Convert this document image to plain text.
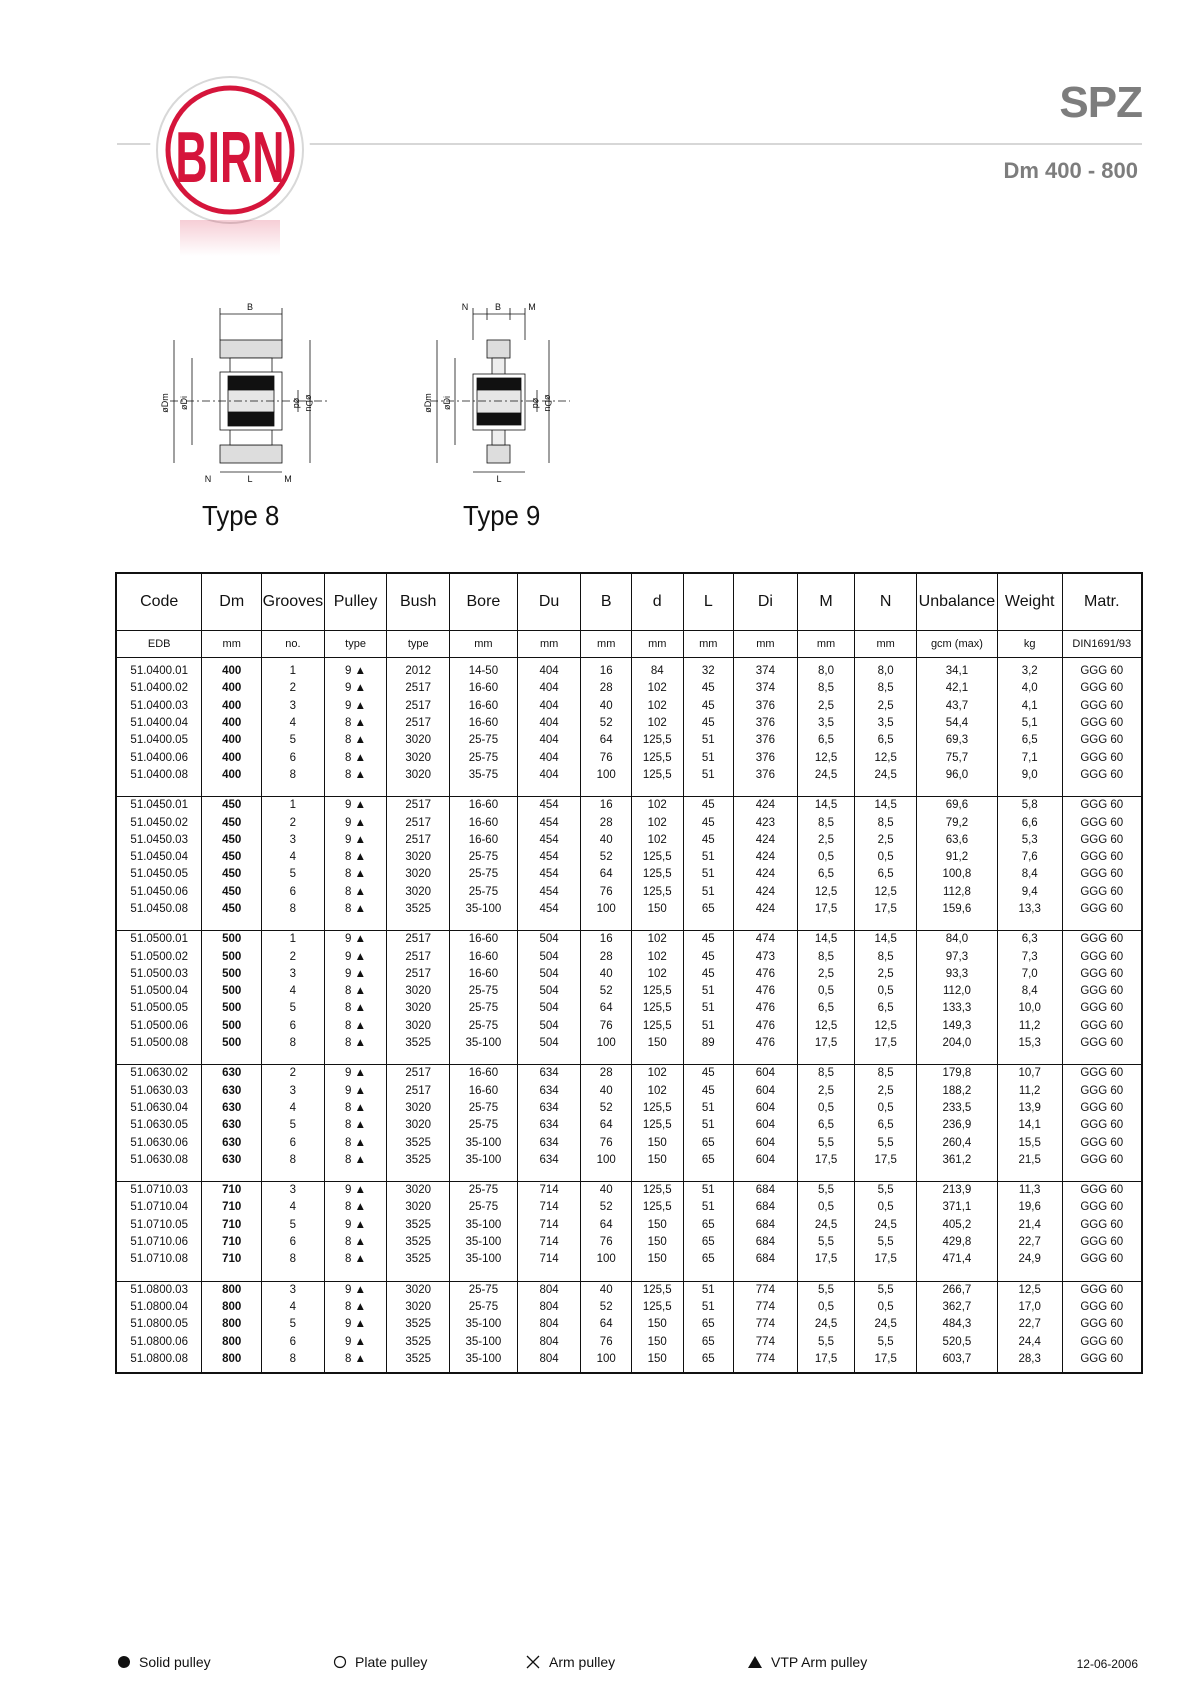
BIRN
SPZ
Dm 400 - 800
B
øDm øDi	ød øDu
N	L	M
Type 8
N	B	M
øDm øDi	ød øDu
L
Type 9
Code	Dm	Grooves	Pulley	Bush	Bore	Du	B	d	L	Di	M	N	Unbalance	Weight	Matr.
EDB	mm	no.	type	type	mm	mm	mm	mm	mm	mm	mm	mm	gcm (max)	kg	DIN1691/93
51.0400.01	400	1	9 ▲	2012	14-50	404	16	84	32	374	8,0	8,0	34,1	3,2	GGG 60
51.0400.02	400	2	9 ▲	2517	16-60	404	28	102	45	374	8,5	8,5	42,1	4,0	GGG 60
51.0400.03	400	3	9 ▲	2517	16-60	404	40	102	45	376	2,5	2,5	43,7	4,1	GGG 60
51.0400.04	400	4	8 ▲	2517	16-60	404	52	102	45	376	3,5	3,5	54,4	5,1	GGG 60
51.0400.05	400	5	8 ▲	3020	25-75	404	64	125,5	51	376	6,5	6,5	69,3	6,5	GGG 60
51.0400.06	400	6	8 ▲	3020	25-75	404	76	125,5	51	376	12,5	12,5	75,7	7,1	GGG 60
51.0400.08	400	8	8 ▲	3020	35-75	404	100	125,5	51	376	24,5	24,5	96,0	9,0	GGG 60

51.0450.01	450	1	9 ▲	2517	16-60	454	16	102	45	424	14,5	14,5	69,6	5,8	GGG 60
51.0450.02	450	2	9 ▲	2517	16-60	454	28	102	45	423	8,5	8,5	79,2	6,6	GGG 60
51.0450.03	450	3	9 ▲	2517	16-60	454	40	102	45	424	2,5	2,5	63,6	5,3	GGG 60
51.0450.04	450	4	8 ▲	3020	25-75	454	52	125,5	51	424	0,5	0,5	91,2	7,6	GGG 60
51.0450.05	450	5	8 ▲	3020	25-75	454	64	125,5	51	424	6,5	6,5	100,8	8,4	GGG 60
51.0450.06	450	6	8 ▲	3020	25-75	454	76	125,5	51	424	12,5	12,5	112,8	9,4	GGG 60
51.0450.08	450	8	8 ▲	3525	35-100	454	100	150	65	424	17,5	17,5	159,6	13,3	GGG 60

51.0500.01	500	1	9 ▲	2517	16-60	504	16	102	45	474	14,5	14,5	84,0	6,3	GGG 60
51.0500.02	500	2	9 ▲	2517	16-60	504	28	102	45	473	8,5	8,5	97,3	7,3	GGG 60
51.0500.03	500	3	9 ▲	2517	16-60	504	40	102	45	476	2,5	2,5	93,3	7,0	GGG 60
51.0500.04	500	4	8 ▲	3020	25-75	504	52	125,5	51	476	0,5	0,5	112,0	8,4	GGG 60
51.0500.05	500	5	8 ▲	3020	25-75	504	64	125,5	51	476	6,5	6,5	133,3	10,0	GGG 60
51.0500.06	500	6	8 ▲	3020	25-75	504	76	125,5	51	476	12,5	12,5	149,3	11,2	GGG 60
51.0500.08	500	8	8 ▲	3525	35-100	504	100	150	89	476	17,5	17,5	204,0	15,3	GGG 60

51.0630.02	630	2	9 ▲	2517	16-60	634	28	102	45	604	8,5	8,5	179,8	10,7	GGG 60
51.0630.03	630	3	9 ▲	2517	16-60	634	40	102	45	604	2,5	2,5	188,2	11,2	GGG 60
51.0630.04	630	4	8 ▲	3020	25-75	634	52	125,5	51	604	0,5	0,5	233,5	13,9	GGG 60
51.0630.05	630	5	8 ▲	3020	25-75	634	64	125,5	51	604	6,5	6,5	236,9	14,1	GGG 60
51.0630.06	630	6	8 ▲	3525	35-100	634	76	150	65	604	5,5	5,5	260,4	15,5	GGG 60
51.0630.08	630	8	8 ▲	3525	35-100	634	100	150	65	604	17,5	17,5	361,2	21,5	GGG 60

51.0710.03	710	3	9 ▲	3020	25-75	714	40	125,5	51	684	5,5	5,5	213,9	11,3	GGG 60
51.0710.04	710	4	8 ▲	3020	25-75	714	52	125,5	51	684	0,5	0,5	371,1	19,6	GGG 60
51.0710.05	710	5	9 ▲	3525	35-100	714	64	150	65	684	24,5	24,5	405,2	21,4	GGG 60
51.0710.06	710	6	8 ▲	3525	35-100	714	76	150	65	684	5,5	5,5	429,8	22,7	GGG 60
51.0710.08	710	8	8 ▲	3525	35-100	714	100	150	65	684	17,5	17,5	471,4	24,9	GGG 60

51.0800.03	800	3	9 ▲	3020	25-75	804	40	125,5	51	774	5,5	5,5	266,7	12,5	GGG 60
51.0800.04	800	4	8 ▲	3020	25-75	804	52	125,5	51	774	0,5	0,5	362,7	17,0	GGG 60
51.0800.05	800	5	9 ▲	3525	35-100	804	64	150	65	774	24,5	24,5	484,3	22,7	GGG 60
51.0800.06	800	6	9 ▲	3525	35-100	804	76	150	65	774	5,5	5,5	520,5	24,4	GGG 60
51.0800.08	800	8	8 ▲	3525	35-100	804	100	150	65	774	17,5	17,5	603,7	28,3	GGG 60
Solid pulley	Plate pulley	Arm pulley	VTP Arm pulley	12-06-2006
